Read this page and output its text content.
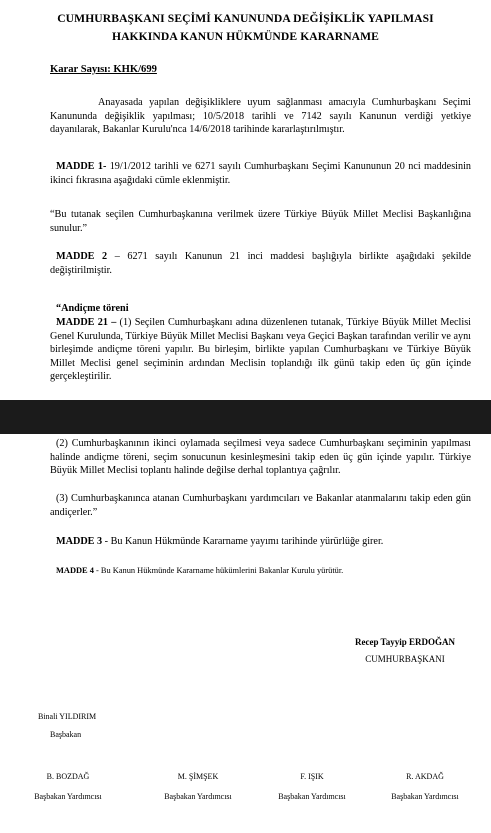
CUMHURBAŞKANI SEÇİMİ KANUNUNDA DEĞİŞİKLİK YAPILMASI
HAKKINDA KANUN HÜKMÜNDE KARARNAME
Karar Sayısı: KHK/699
Anayasada yapılan değişikliklere uyum sağlanması amacıyla Cumhurbaşkanı Seçimi Kanununda değişiklik yapılması; 10/5/2018 tarihli ve 7142 sayılı Kanunun verdiği yetkiye dayanılarak, Bakanlar Kurulu'nca 14/6/2018 tarihinde kararlaştırılmıştır.
MADDE 1- 19/1/2012 tarihli ve 6271 sayılı Cumhurbaşkanı Seçimi Kanununun 20 nci maddesinin ikinci fıkrasına aşağıdaki cümle eklenmiştir.
“Bu tutanak seçilen Cumhurbaşkanına verilmek üzere Türkiye Büyük Millet Meclisi Başkanlığına sunulur.”
MADDE 2 – 6271 sayılı Kanunun 21 inci maddesi başlığıyla birlikte aşağıdaki şekilde değiştirilmiştir.
“Andiçme töreni
MADDE 21 – (1) Seçilen Cumhurbaşkanı adına düzenlenen tutanak, Türkiye Büyük Millet Meclisi Genel Kurulunda, Türkiye Büyük Millet Meclisi Başkanı veya Geçici Başkan tarafından verilir ve aynı birleşimde andiçme töreni yapılır. Bu birleşim, birlikte yapılan Cumhurbaşkanı ve Türkiye Büyük Millet Meclisi genel seçiminin ardından Meclisin toplandığı ilk günü takip eden üç gün içinde gerçekleştirilir.
(2) Cumhurbaşkanının ikinci oylamada seçilmesi veya sadece Cumhurbaşkanı seçiminin yapılması halinde andiçme töreni, seçim sonucunun kesinleşmesini takip eden üç gün içinde yapılır. Türkiye Büyük Millet Meclisi toplantı halinde değilse derhal toplantıya çağrılır.
(3) Cumhurbaşkanınca atanan Cumhurbaşkanı yardımcıları ve Bakanlar atanmalarını takip eden gün andiçerler.”
MADDE 3 - Bu Kanun Hükmünde Kararname yayımı tarihinde yürürlüğe girer.
MADDE 4 - Bu Kanun Hükmünde Kararname hükümlerini Bakanlar Kurulu yürütür.
Recep Tayyip ERDOĞAN
CUMHURBAŞKANI
Binali YILDIRIM
Başbakan
B. BOZDAĞ
Başbakan Yardımcısı
M. ŞİMŞEK
Başbakan Yardımcısı
F. IŞIK
Başbakan Yardımcısı
R. AKDAĞ
Başbakan Yardımcısı
